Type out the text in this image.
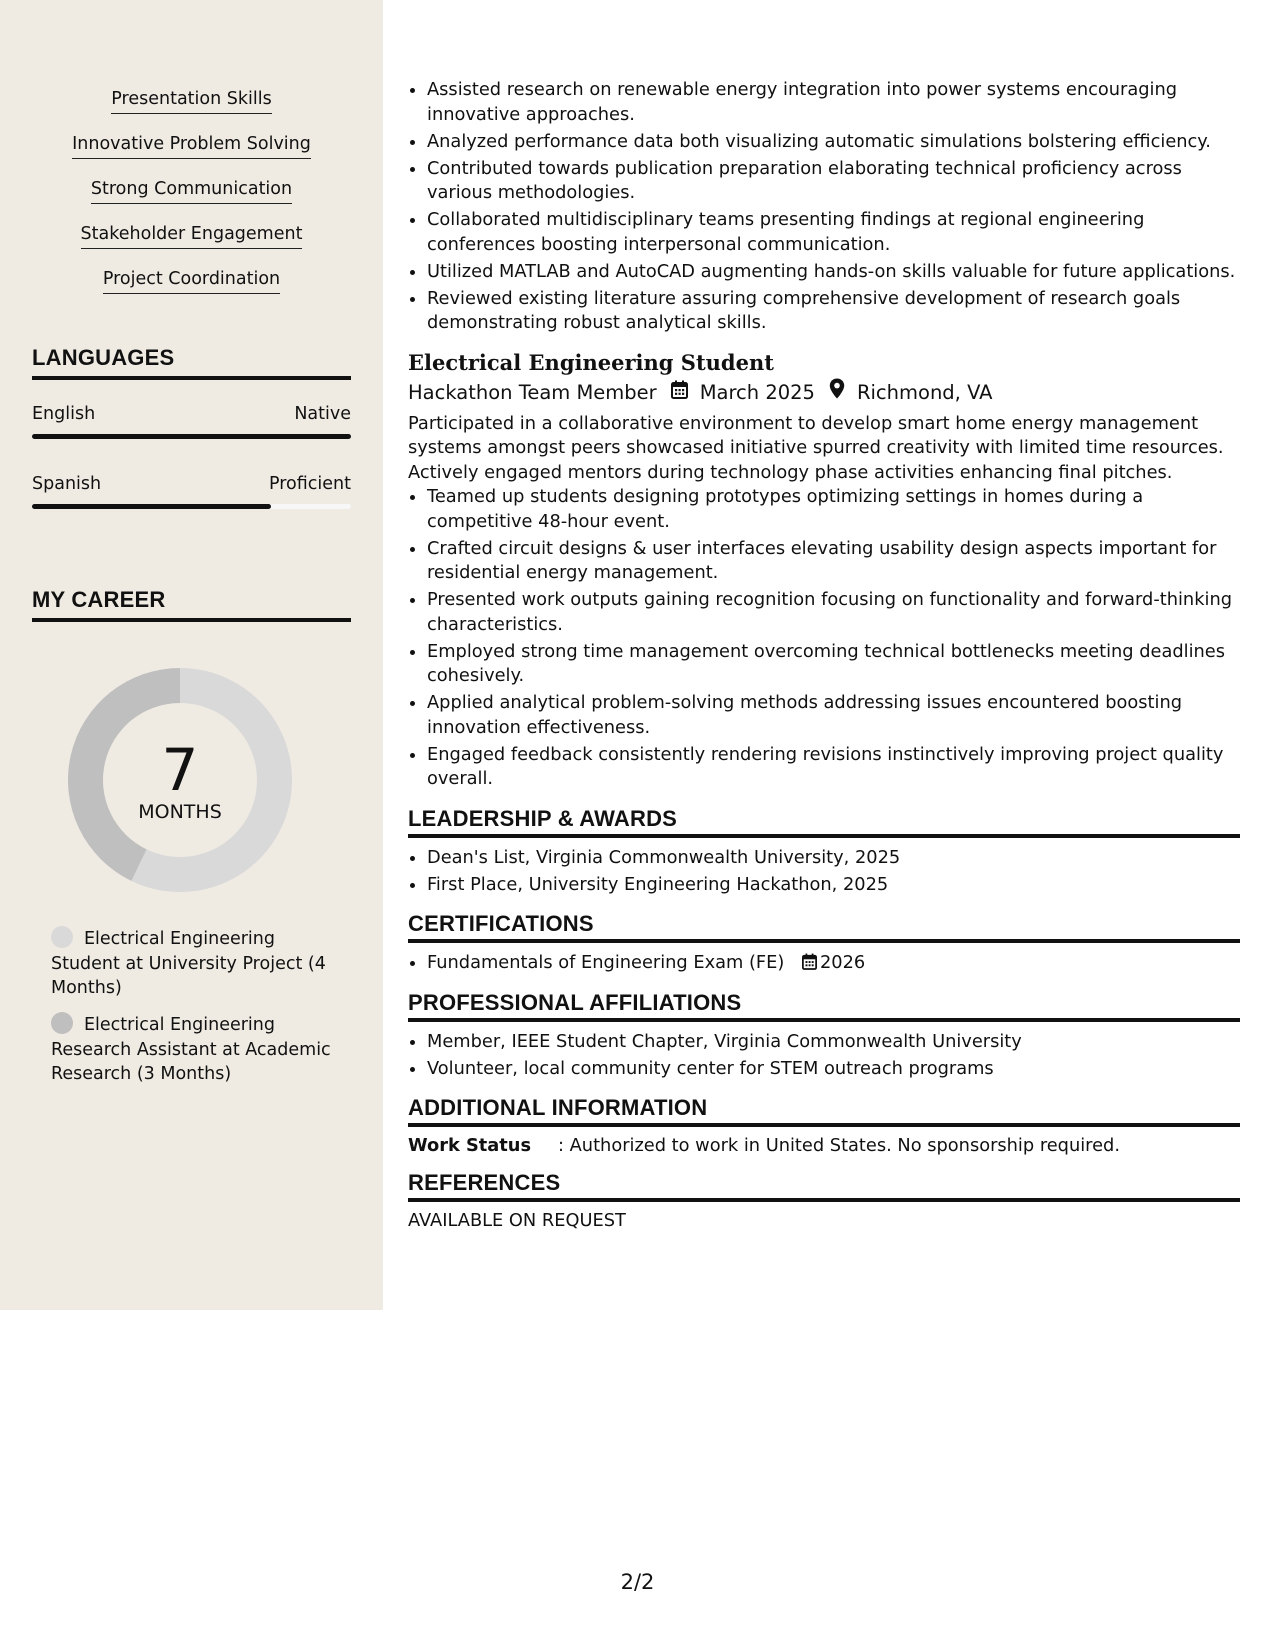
Presentation Skills
Innovative Problem Solving
Strong Communication
Stakeholder Engagement
Project Coordination
LANGUAGES
English	Native
Spanish	Proficient
MY CAREER
7
MONTHS
Electrical Engineering Student at University Project (4 Months)
Electrical Engineering Research Assistant at Academic Research (3 Months)
• Assisted research on renewable energy integration into power systems encouraging innovative approaches.
• Analyzed performance data both visualizing automatic simulations bolstering efficiency.
• Contributed towards publication preparation elaborating technical proficiency across various methodologies.
• Collaborated multidisciplinary teams presenting findings at regional engineering conferences boosting interpersonal communication.
• Utilized MATLAB and AutoCAD augmenting hands-on skills valuable for future applications.
• Reviewed existing literature assuring comprehensive development of research goals demonstrating robust analytical skills.
Electrical Engineering Student
Hackathon Team Member March 2025 Richmond, VA
Participated in a collaborative environment to develop smart home energy management systems amongst peers showcased initiative spurred creativity with limited time resources. Actively engaged mentors during technology phase activities enhancing final pitches.
• Teamed up students designing prototypes optimizing settings in homes during a competitive 48-hour event.
• Crafted circuit designs & user interfaces elevating usability design aspects important for residential energy management.
• Presented work outputs gaining recognition focusing on functionality and forward-thinking characteristics.
• Employed strong time management overcoming technical bottlenecks meeting deadlines cohesively.
• Applied analytical problem-solving methods addressing issues encountered boosting innovation effectiveness.
• Engaged feedback consistently rendering revisions instinctively improving project quality overall.
LEADERSHIP & AWARDS
• Dean's List, Virginia Commonwealth University, 2025
• First Place, University Engineering Hackathon, 2025
CERTIFICATIONS
• Fundamentals of Engineering Exam (FE) 2026
PROFESSIONAL AFFILIATIONS
• Member, IEEE Student Chapter, Virginia Commonwealth University
• Volunteer, local community center for STEM outreach programs
ADDITIONAL INFORMATION
Work Status	: Authorized to work in United States. No sponsorship required.
REFERENCES
AVAILABLE ON REQUEST
2/2
